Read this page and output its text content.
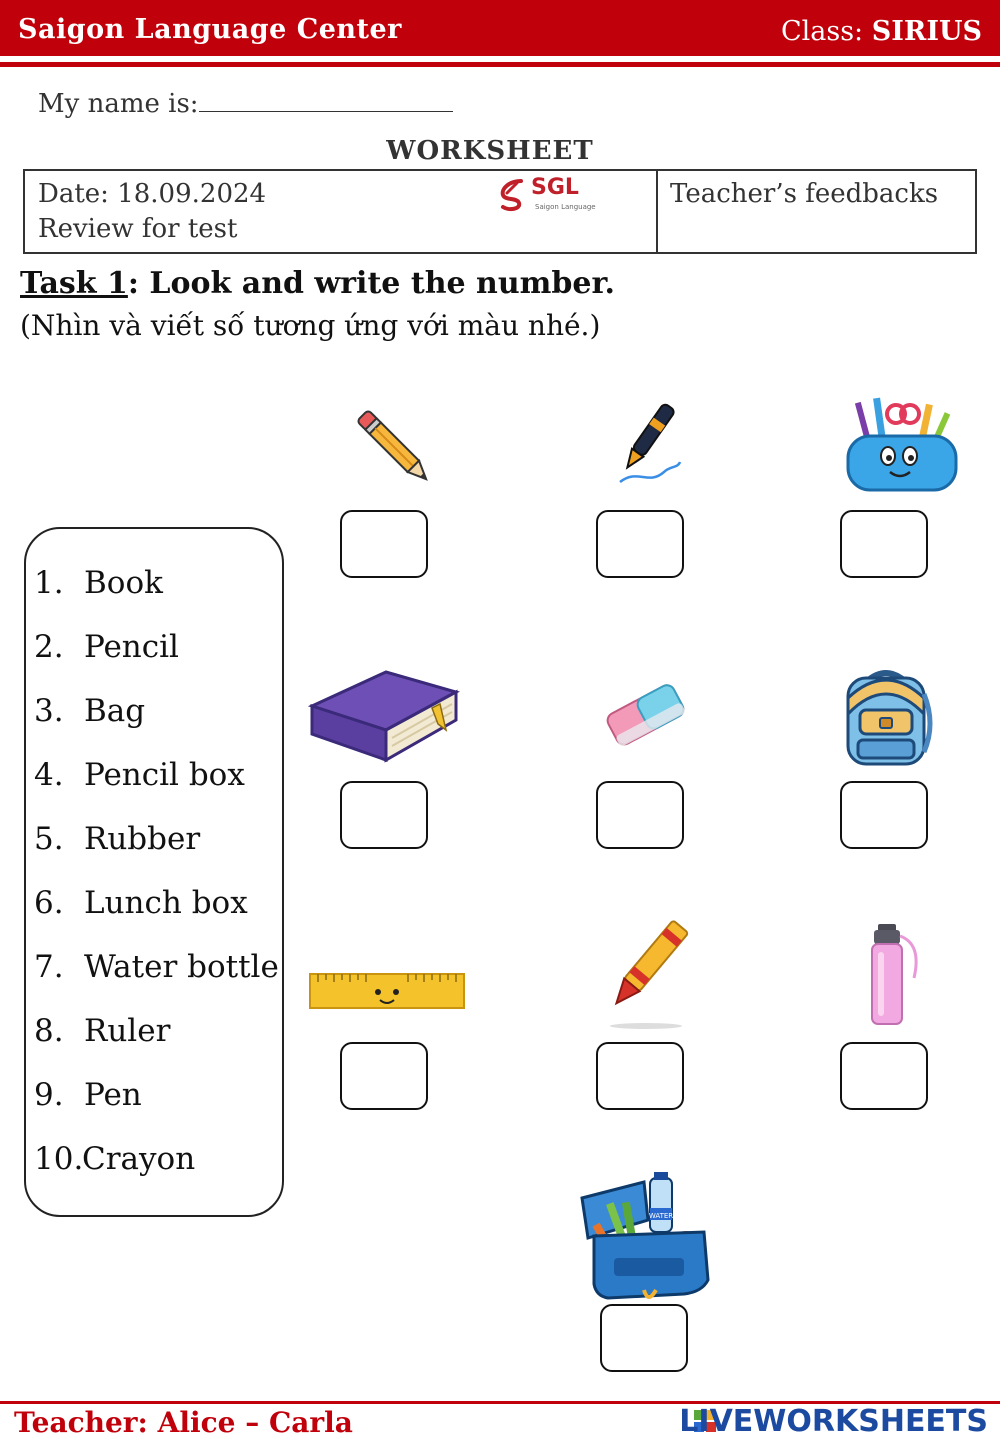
Saigon Language Center	Class: SIRIUS
My name is:
WORKSHEET
Date: 18.09.2024
Review for test
SGL
Saigon Language	Teacher’s feedbacks
Task 1: Look and write the number.
(Nhìn và viết số tương ứng với màu nhé.)
1. Book
2. Pencil
3. Bag
4. Pencil box
5. Rubber
6. Lunch box
7. Water bottle
8. Ruler
9. Pen
10.Crayon
WATER
Teacher: Alice – Carla	LIVEWORKSHEETS
